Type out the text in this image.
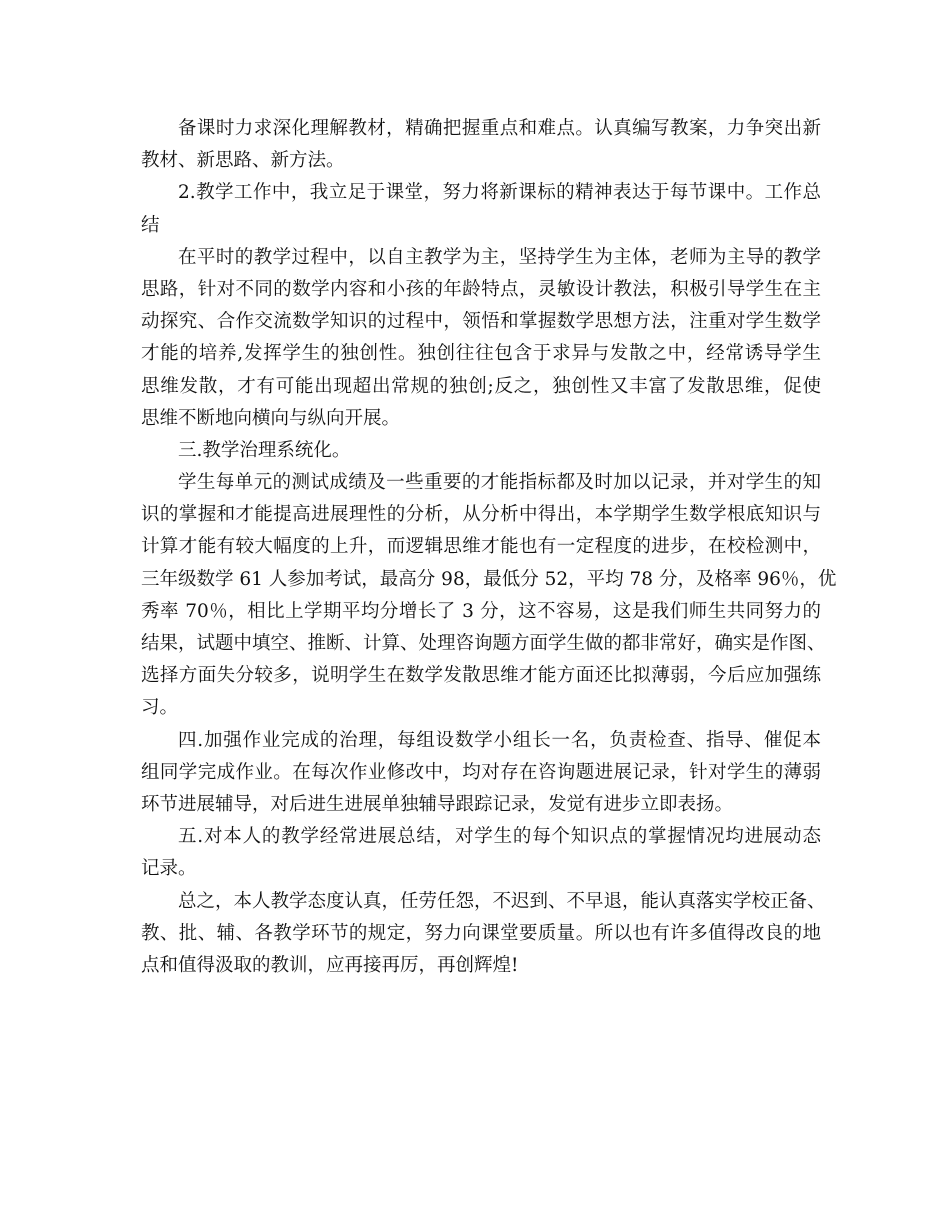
备课时力求深化理解教材，精确把握重点和难点。认真编写教案，力争突出新
教材、新思路、新方法。
2.教学工作中，我立足于课堂，努力将新课标的精神表达于每节课中。工作总
结
在平时的教学过程中，以自主教学为主，坚持学生为主体，老师为主导的教学
思路，针对不同的数学内容和小孩的年龄特点，灵敏设计教法，积极引导学生在主
动探究、合作交流数学知识的过程中，领悟和掌握数学思想方法，注重对学生数学
才能的培养,发挥学生的独创性。独创往往包含于求异与发散之中，经常诱导学生
思维发散，才有可能出现超出常规的独创;反之，独创性又丰富了发散思维，促使
思维不断地向横向与纵向开展。
三.教学治理系统化。
学生每单元的测试成绩及一些重要的才能指标都及时加以记录，并对学生的知
识的掌握和才能提高进展理性的分析，从分析中得出，本学期学生数学根底知识与
计算才能有较大幅度的上升，而逻辑思维才能也有一定程度的进步，在校检测中，
三年级数学 61 人参加考试，最高分 98，最低分 52，平均 78 分，及格率 96％，优
秀率 70％，相比上学期平均分增长了 3 分，这不容易，这是我们师生共同努力的
结果，试题中填空、推断、计算、处理咨询题方面学生做的都非常好，确实是作图、
选择方面失分较多，说明学生在数学发散思维才能方面还比拟薄弱，今后应加强练
习。
四.加强作业完成的治理，每组设数学小组长一名，负责检查、指导、催促本
组同学完成作业。在每次作业修改中，均对存在咨询题进展记录，针对学生的薄弱
环节进展辅导，对后进生进展单独辅导跟踪记录，发觉有进步立即表扬。
五.对本人的教学经常进展总结，对学生的每个知识点的掌握情况均进展动态
记录。
总之，本人教学态度认真，任劳任怨，不迟到、不早退，能认真落实学校正备、
教、批、辅、各教学环节的规定，努力向课堂要质量。所以也有许多值得改良的地
点和值得汲取的教训，应再接再厉，再创辉煌!
